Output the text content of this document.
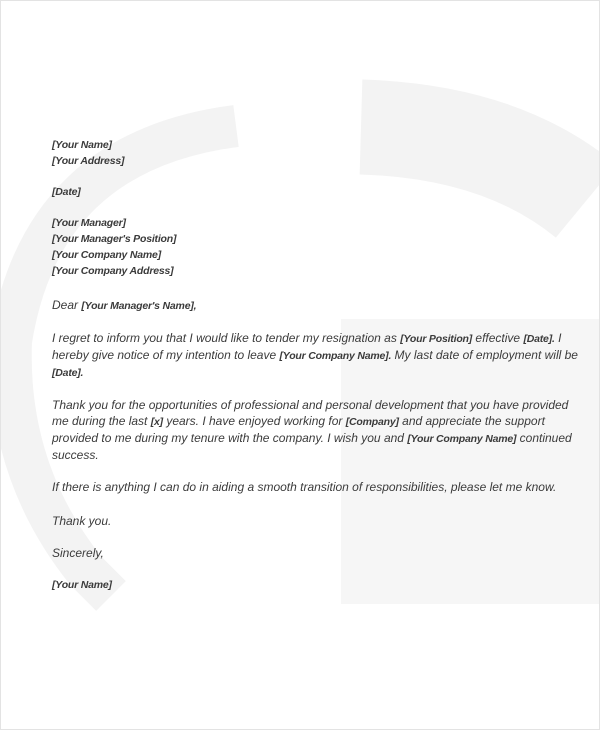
[Your Name]
[Your Address]
[Date]
[Your Manager]
[Your Manager's Position]
[Your Company Name]
[Your Company Address]
Dear [Your Manager's Name],
I regret to inform you that I would like to tender my resignation as [Your Position] effective [Date]. I
hereby give notice of my intention to leave [Your Company Name]. My last date of employment will be
[Date].
Thank you for the opportunities of professional and personal development that you have provided
me during the last [x] years. I have enjoyed working for [Company] and appreciate the support
provided to me during my tenure with the company. I wish you and [Your Company Name] continued
success.
If there is anything I can do in aiding a smooth transition of responsibilities, please let me know.
Thank you.
Sincerely,
[Your Name]
